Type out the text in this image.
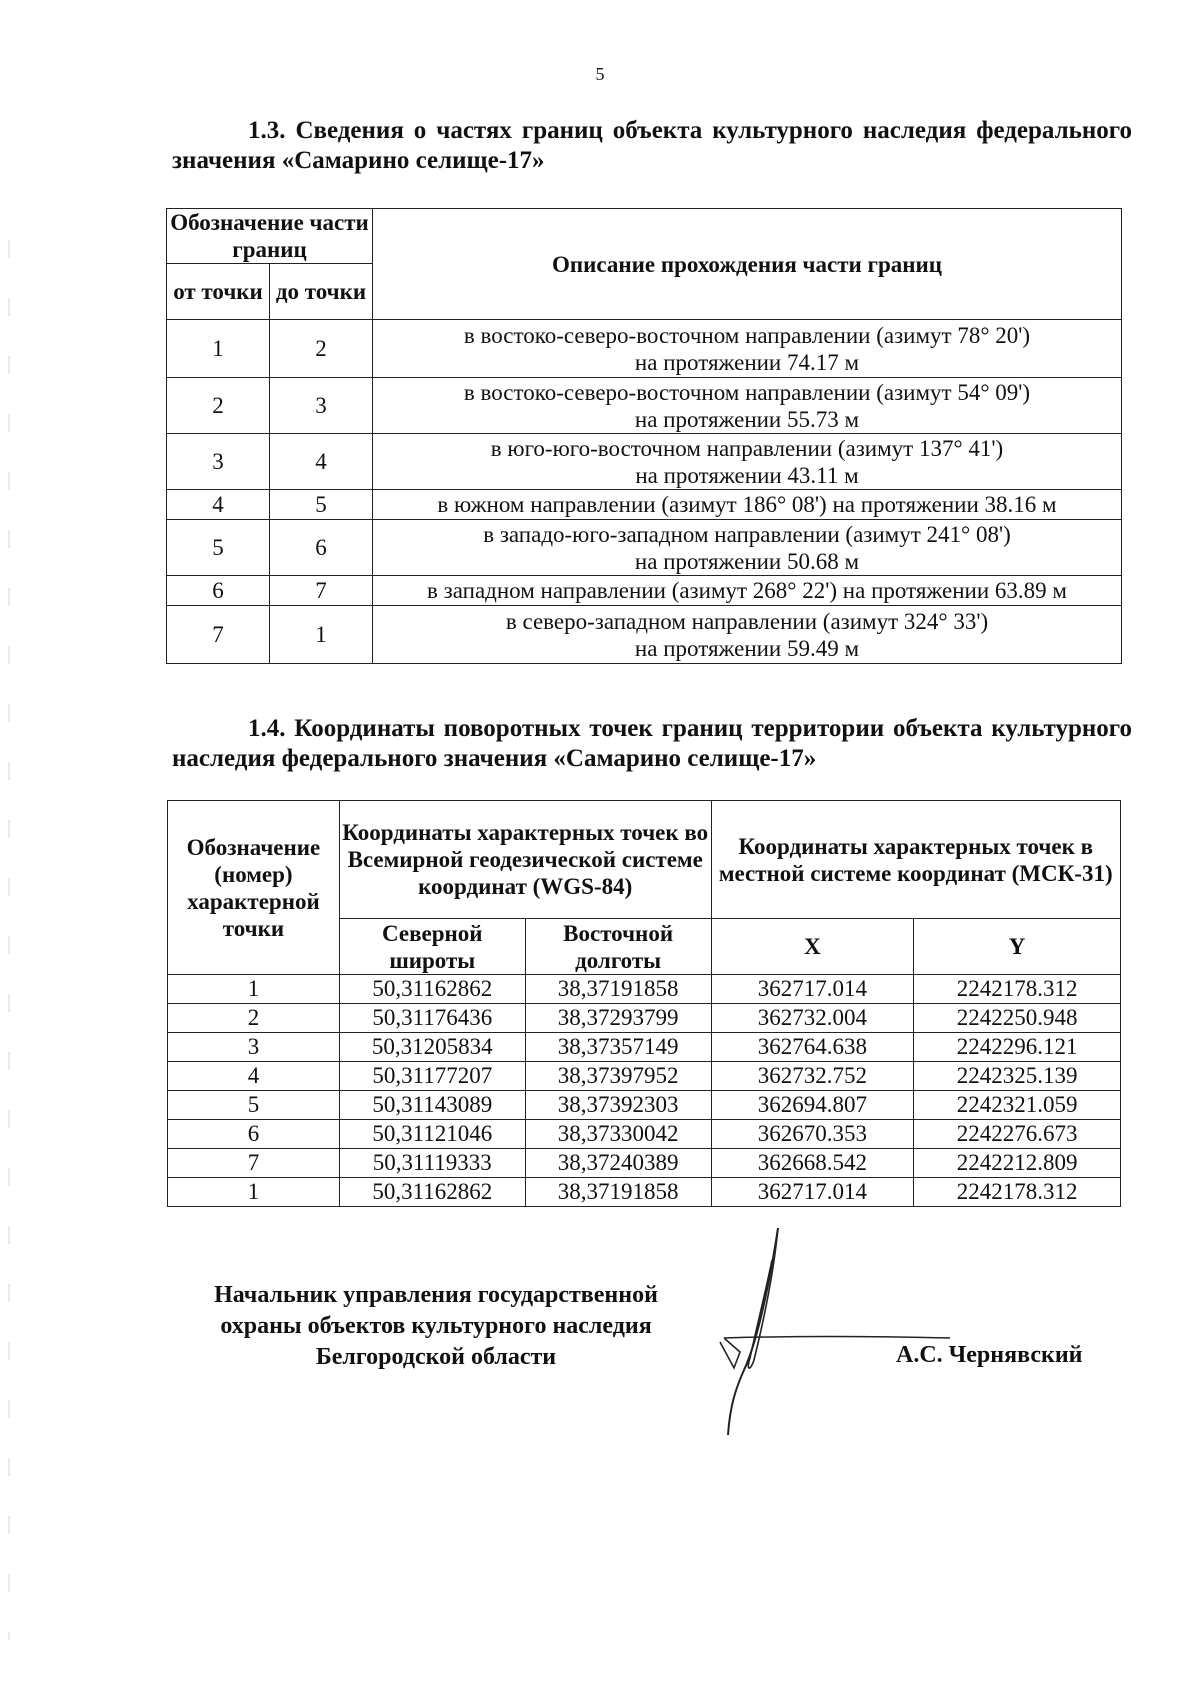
5
1.3. Сведения о частях границ объекта культурного наследия федерального значения «Самарино селище-17»
Обозначение части границ		Описание прохождения части границ
от точки	до точки	
1	2	в востоко-северо-восточном направлении (азимут 78° 20')
на протяжении 74.17 м

2	3	в востоко-северо-восточном направлении (азимут 54° 09')
на протяжении 55.73 м

3	4	в юго-юго-восточном направлении (азимут 137° 41')
на протяжении 43.11 м

4	5	в южном направлении (азимут 186° 08') на протяжении 38.16 м

5	6	в западо-юго-западном направлении (азимут 241° 08')
на протяжении 50.68 м

6	7	в западном направлении (азимут 268° 22') на протяжении 63.89 м

7	1	в северо-западном направлении (азимут 324° 33')
на протяжении 59.49 м
1.4. Координаты поворотных точек границ территории объекта культурного наследия федерального значения «Самарино селище-17»
Обозначение (номер) характерной точки	Координаты характерных точек во Всемирной геодезической системе координат (WGS-84)		Координаты характерных точек в местной системе координат (МСК-31)	
	Северной широты	Восточной долготы	X	Y
1	50,31162862	38,37191858	362717.014	2242178.312
2	50,31176436	38,37293799	362732.004	2242250.948
3	50,31205834	38,37357149	362764.638	2242296.121
4	50,31177207	38,37397952	362732.752	2242325.139
5	50,31143089	38,37392303	362694.807	2242321.059
6	50,31121046	38,37330042	362670.353	2242276.673
7	50,31119333	38,37240389	362668.542	2242212.809
1	50,31162862	38,37191858	362717.014	2242178.312
Начальник управления государственной
охраны объектов культурного наследия
Белгородской области	А.С. Чернявский
